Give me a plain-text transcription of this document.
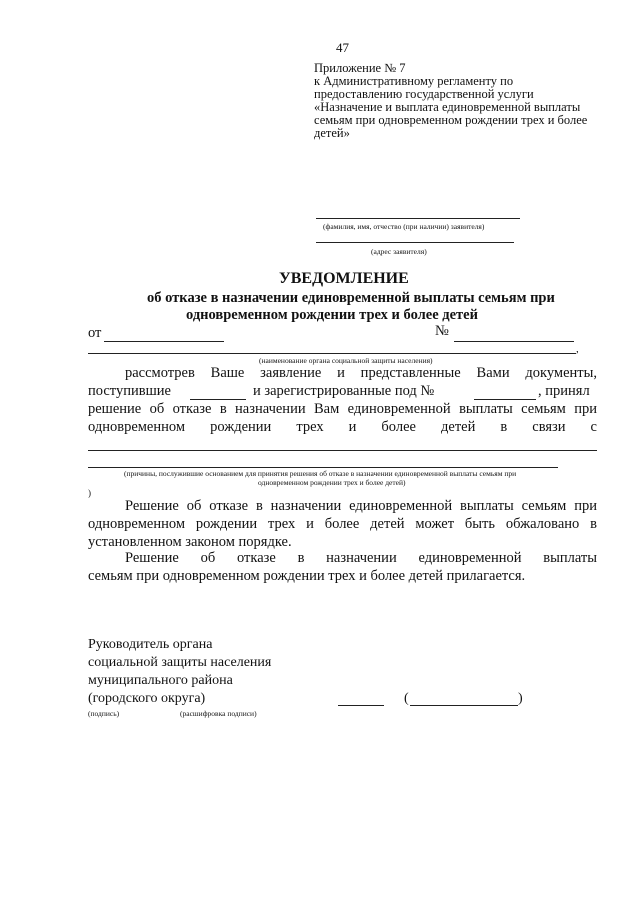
47
Приложение № 7
к Административному регламенту по
предоставлению государственной услуги
«Назначение и выплата единовременной выплаты
семьям при одновременном рождении трех и более
детей»
(фамилия, имя, отчество (при наличии) заявителя)
(адрес заявителя)
УВЕДОМЛЕНИЕ
об отказе в назначении единовременной выплаты семьям при
одновременном рождении трех и более детей
от	№
,
(наименование органа социальной защиты населения)
рассмотрев Ваше заявление и представленные Вами документы,
поступившие	и зарегистрированные под №	, принял
решение об отказе в назначении Вам единовременной выплаты семьям при
одновременном рождении трех и более детей в связи с
(причины, послужившие основанием для принятия решения об отказе в назначении единовременной выплаты семьям при
одновременном рождении трех и более детей)
)
Решение об отказе в назначении единовременной выплаты семьям при
одновременном рождении трех и более детей может быть обжаловано в
установленном законом порядке.
Решение об отказе в назначении единовременной выплаты
семьям при одновременном рождении трех и более детей прилагается.
Руководитель органа
социальной защиты населения
муниципального района
(городского округа)	(	)
(подпись)	(расшифровка подписи)
